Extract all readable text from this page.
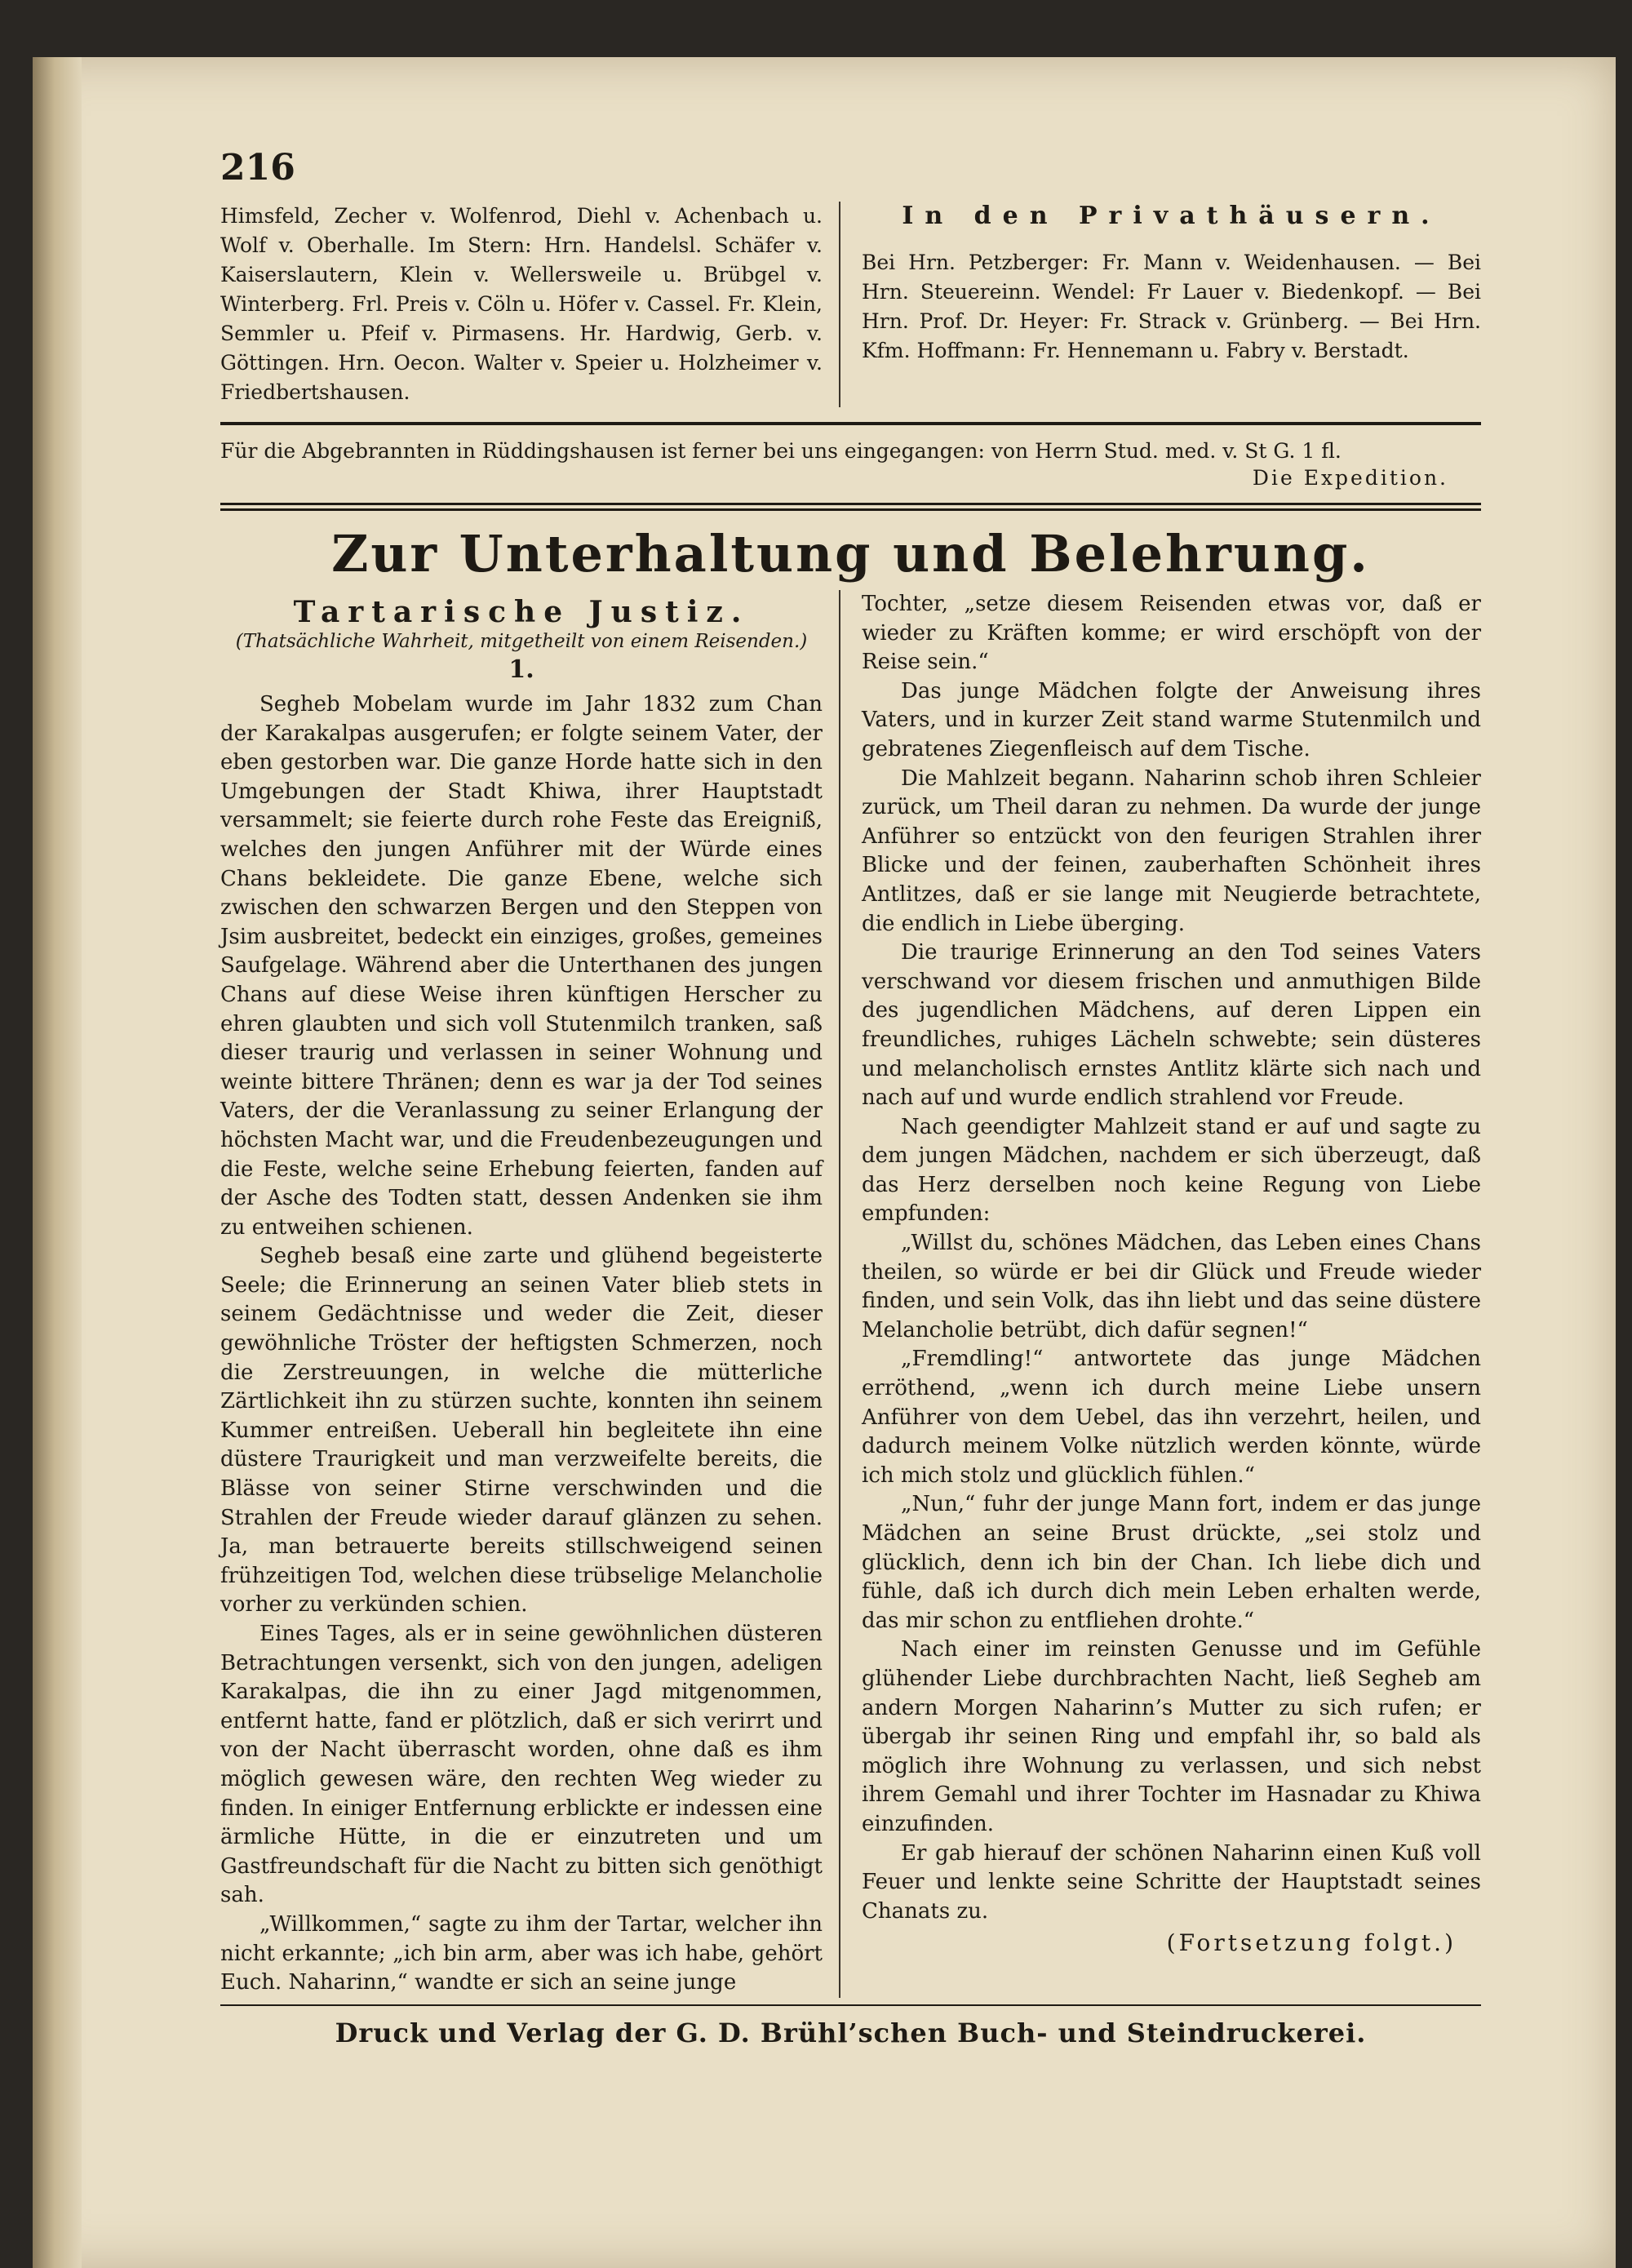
216

Himsfeld, Zecher v. Wolfenrod, Diehl v. Achenbach u. Wolf v. Oberhalle. Im Stern: Hrn. Handelsl. Schäfer v. Kaiserslautern, Klein v. Wellersweile u. Brübgel v. Winterberg. Frl. Preis v. Cöln u. Höfer v. Cassel. Fr. Klein, Semmler u. Pfeif v. Pirmasens. Hr. Hardwig, Gerb. v. Göttingen. Hrn. Oecon. Walter v. Speier u. Holzheimer v. Friedbertshausen.

In den Privathäusern.

Bei Hrn. Petzberger: Fr. Mann v. Weidenhausen. — Bei Hrn. Steuereinn. Wendel: Fr Lauer v. Biedenkopf. — Bei Hrn. Prof. Dr. Heyer: Fr. Strack v. Grünberg. — Bei Hrn. Kfm. Hoffmann: Fr. Hennemann u. Fabry v. Berstadt.

Für die Abgebrannten in Rüddingshausen ist ferner bei uns eingegangen: von Herrn Stud. med. v. St G. 1 fl.
Die Expedition.
Zur Unterhaltung und Belehrung.
Tartarische Justiz.
(Thatsächliche Wahrheit, mitgetheilt von einem Reisenden.)
1.

Segheb Mobelam wurde im Jahr 1832 zum Chan der Karakalpas ausgerufen; er folgte seinem Vater, der eben gestorben war. Die ganze Horde hatte sich in den Umgebungen der Stadt Khiwa, ihrer Hauptstadt versammelt; sie feierte durch rohe Feste das Ereigniß, welches den jungen Anführer mit der Würde eines Chans bekleidete. Die ganze Ebene, welche sich zwischen den schwarzen Bergen und den Steppen von Jsim ausbreitet, bedeckt ein einziges, großes, gemeines Saufgelage. Während aber die Unterthanen des jungen Chans auf diese Weise ihren künftigen Herscher zu ehren glaubten und sich voll Stutenmilch tranken, saß dieser traurig und verlassen in seiner Wohnung und weinte bittere Thränen; denn es war ja der Tod seines Vaters, der die Veranlassung zu seiner Erlangung der höchsten Macht war, und die Freudenbezeugungen und die Feste, welche seine Erhebung feierten, fanden auf der Asche des Todten statt, dessen Andenken sie ihm zu entweihen schienen.

Segheb besaß eine zarte und glühend begeisterte Seele; die Erinnerung an seinen Vater blieb stets in seinem Gedächtnisse und weder die Zeit, dieser gewöhnliche Tröster der heftigsten Schmerzen, noch die Zerstreuungen, in welche die mütterliche Zärtlichkeit ihn zu stürzen suchte, konnten ihn seinem Kummer entreißen. Ueberall hin begleitete ihn eine düstere Traurigkeit und man verzweifelte bereits, die Blässe von seiner Stirne verschwinden und die Strahlen der Freude wieder darauf glänzen zu sehen. Ja, man betrauerte bereits stillschweigend seinen frühzeitigen Tod, welchen diese trübselige Melancholie vorher zu verkünden schien.

Eines Tages, als er in seine gewöhnlichen düsteren Betrachtungen versenkt, sich von den jungen, adeligen Karakalpas, die ihn zu einer Jagd mitgenommen, entfernt hatte, fand er plötzlich, daß er sich verirrt und von der Nacht überrascht worden, ohne daß es ihm möglich gewesen wäre, den rechten Weg wieder zu finden. In einiger Entfernung erblickte er indessen eine ärmliche Hütte, in die er einzutreten und um Gastfreundschaft für die Nacht zu bitten sich genöthigt sah.

„Willkommen,“ sagte zu ihm der Tartar, welcher ihn nicht erkannte; „ich bin arm, aber was ich habe, gehört Euch. Naharinn,“ wandte er sich an seine junge

Tochter, „setze diesem Reisenden etwas vor, daß er wieder zu Kräften komme; er wird erschöpft von der Reise sein.“

Das junge Mädchen folgte der Anweisung ihres Vaters, und in kurzer Zeit stand warme Stutenmilch und gebratenes Ziegenfleisch auf dem Tische.

Die Mahlzeit begann. Naharinn schob ihren Schleier zurück, um Theil daran zu nehmen. Da wurde der junge Anführer so entzückt von den feurigen Strahlen ihrer Blicke und der feinen, zauberhaften Schönheit ihres Antlitzes, daß er sie lange mit Neugierde betrachtete, die endlich in Liebe überging.

Die traurige Erinnerung an den Tod seines Vaters verschwand vor diesem frischen und anmuthigen Bilde des jugendlichen Mädchens, auf deren Lippen ein freundliches, ruhiges Lächeln schwebte; sein düsteres und melancholisch ernstes Antlitz klärte sich nach und nach auf und wurde endlich strahlend vor Freude.

Nach geendigter Mahlzeit stand er auf und sagte zu dem jungen Mädchen, nachdem er sich überzeugt, daß das Herz derselben noch keine Regung von Liebe empfunden:

„Willst du, schönes Mädchen, das Leben eines Chans theilen, so würde er bei dir Glück und Freude wieder finden, und sein Volk, das ihn liebt und das seine düstere Melancholie betrübt, dich dafür segnen!“

„Fremdling!“ antwortete das junge Mädchen erröthend, „wenn ich durch meine Liebe unsern Anführer von dem Uebel, das ihn verzehrt, heilen, und dadurch meinem Volke nützlich werden könnte, würde ich mich stolz und glücklich fühlen.“

„Nun,“ fuhr der junge Mann fort, indem er das junge Mädchen an seine Brust drückte, „sei stolz und glücklich, denn ich bin der Chan. Ich liebe dich und fühle, daß ich durch dich mein Leben erhalten werde, das mir schon zu entfliehen drohte.“

Nach einer im reinsten Genusse und im Gefühle glühender Liebe durchbrachten Nacht, ließ Segheb am andern Morgen Naharinn’s Mutter zu sich rufen; er übergab ihr seinen Ring und empfahl ihr, so bald als möglich ihre Wohnung zu verlassen, und sich nebst ihrem Gemahl und ihrer Tochter im Hasnadar zu Khiwa einzufinden.

Er gab hierauf der schönen Naharinn einen Kuß voll Feuer und lenkte seine Schritte der Hauptstadt seines Chanats zu.

(Fortsetzung folgt.)
Druck und Verlag der G. D. Brühl’schen Buch- und Steindruckerei.
